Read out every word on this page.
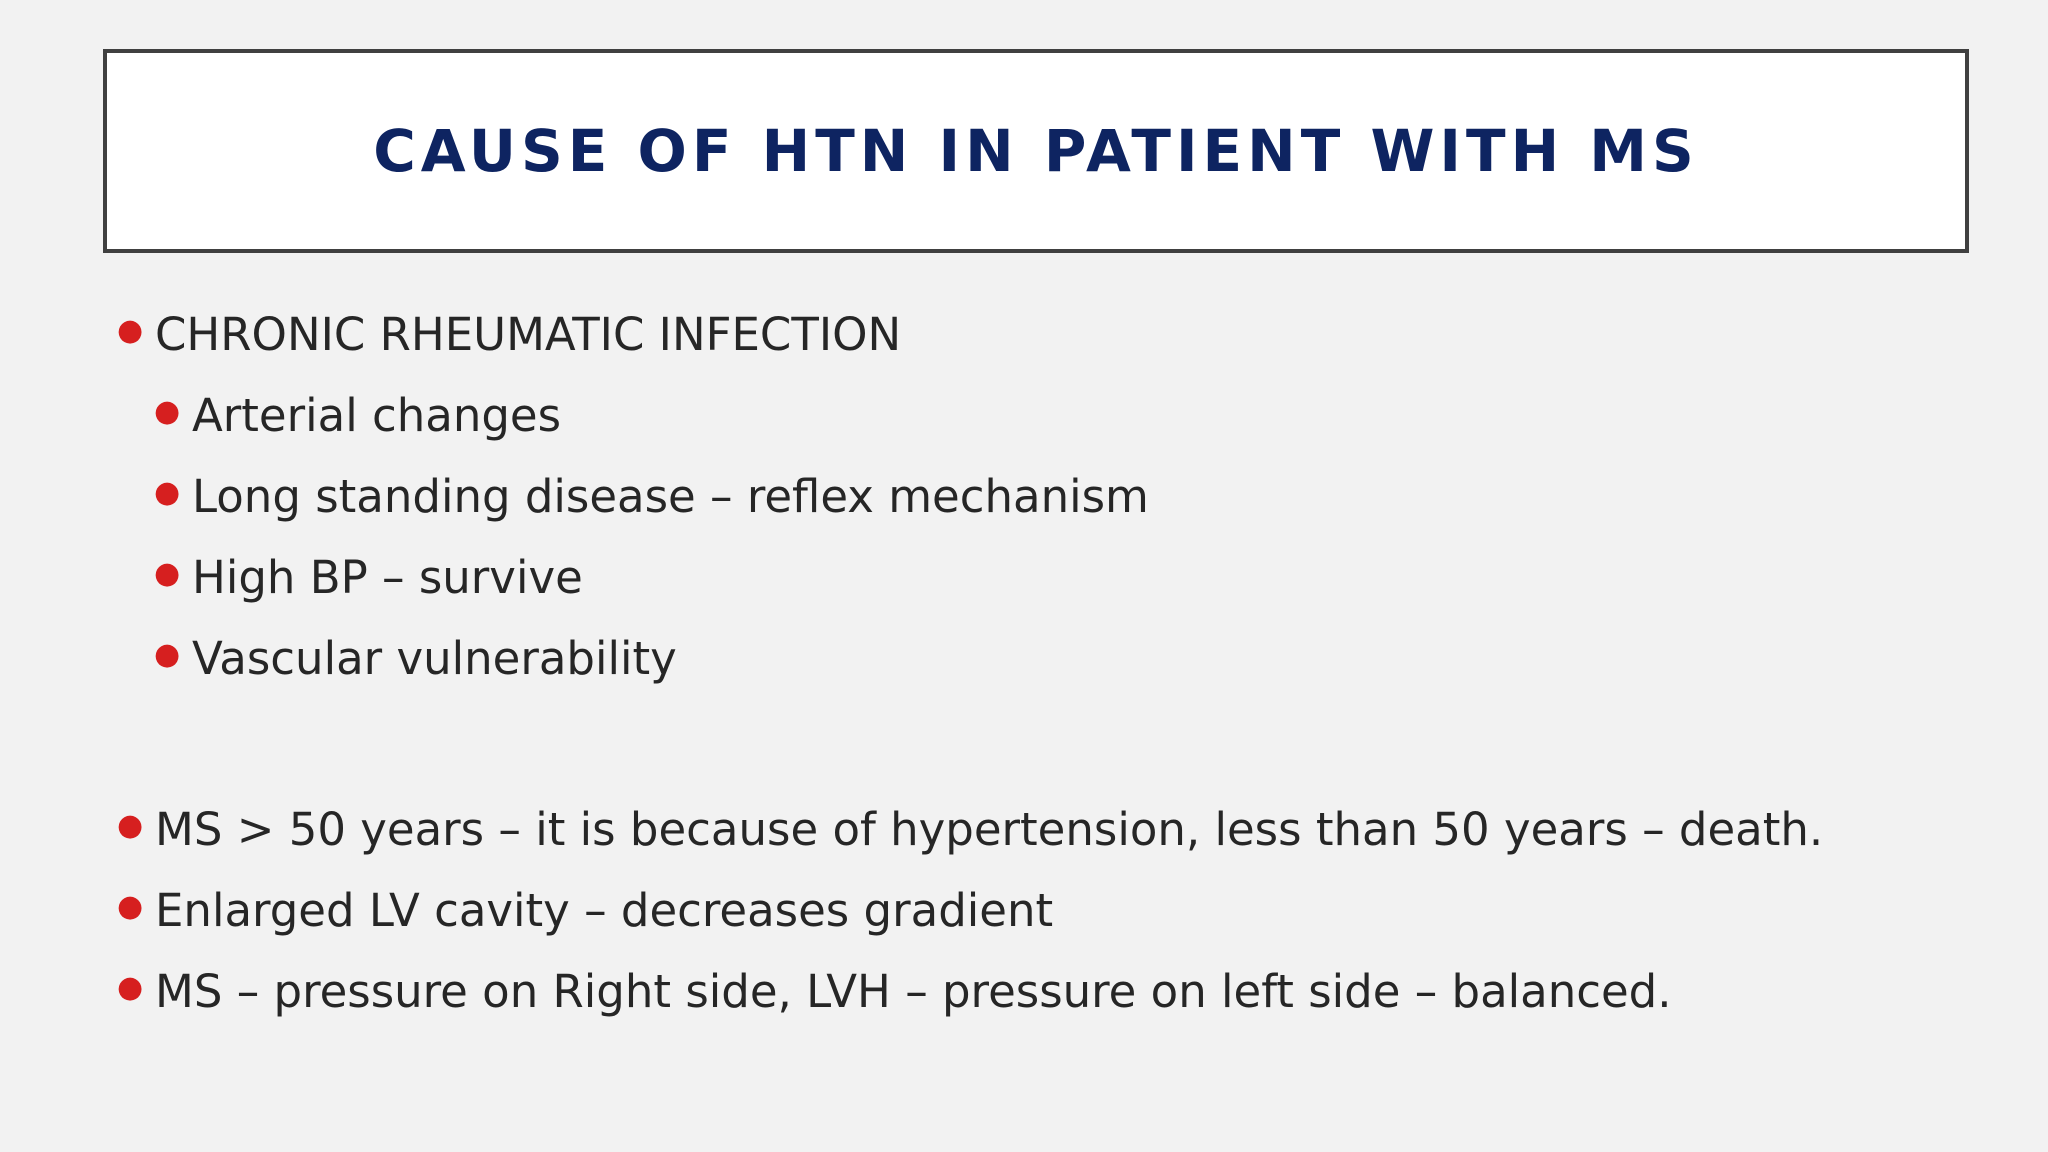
CAUSE OF HTN IN PATIENT WITH MS
● CHRONIC RHEUMATIC INFECTION
● Arterial changes
● Long standing disease – reflex mechanism
● High BP – survive
● Vascular vulnerability
● MS > 50 years – it is because of hypertension, less than 50 years – death.
● Enlarged LV cavity – decreases gradient
● MS – pressure on Right side, LVH – pressure on left side – balanced.
